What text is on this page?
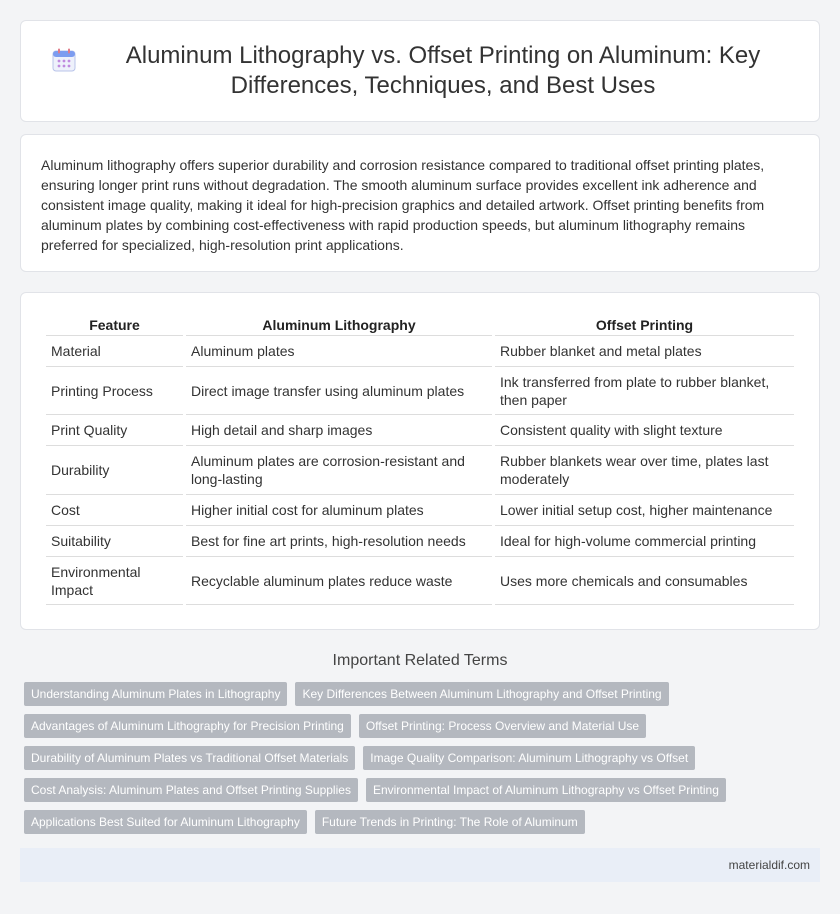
Aluminum Lithography vs. Offset Printing on Aluminum: Key Differences, Techniques, and Best Uses

Aluminum lithography offers superior durability and corrosion resistance compared to traditional offset printing plates, ensuring longer print runs without degradation. The smooth aluminum surface provides excellent ink adherence and consistent image quality, making it ideal for high-precision graphics and detailed artwork. Offset printing benefits from aluminum plates by combining cost-effectiveness with rapid production speeds, but aluminum lithography remains preferred for specialized, high-resolution print applications.

Feature	Aluminum Lithography	Offset Printing
Material	Aluminum plates	Rubber blanket and metal plates
Printing Process	Direct image transfer using aluminum plates	Ink transferred from plate to rubber blanket, then paper
Print Quality	High detail and sharp images	Consistent quality with slight texture
Durability	Aluminum plates are corrosion-resistant and long-lasting	Rubber blankets wear over time, plates last moderately
Cost	Higher initial cost for aluminum plates	Lower initial setup cost, higher maintenance
Suitability	Best for fine art prints, high-resolution needs	Ideal for high-volume commercial printing
Environmental Impact	Recyclable aluminum plates reduce waste	Uses more chemicals and consumables
Important Related Terms
Understanding Aluminum Plates in Lithography	Key Differences Between Aluminum Lithography and Offset Printing
Advantages of Aluminum Lithography for Precision Printing	Offset Printing: Process Overview and Material Use
Durability of Aluminum Plates vs Traditional Offset Materials	Image Quality Comparison: Aluminum Lithography vs Offset
Cost Analysis: Aluminum Plates and Offset Printing Supplies	Environmental Impact of Aluminum Lithography vs Offset Printing
Applications Best Suited for Aluminum Lithography	Future Trends in Printing: The Role of Aluminum
materialdif.com
